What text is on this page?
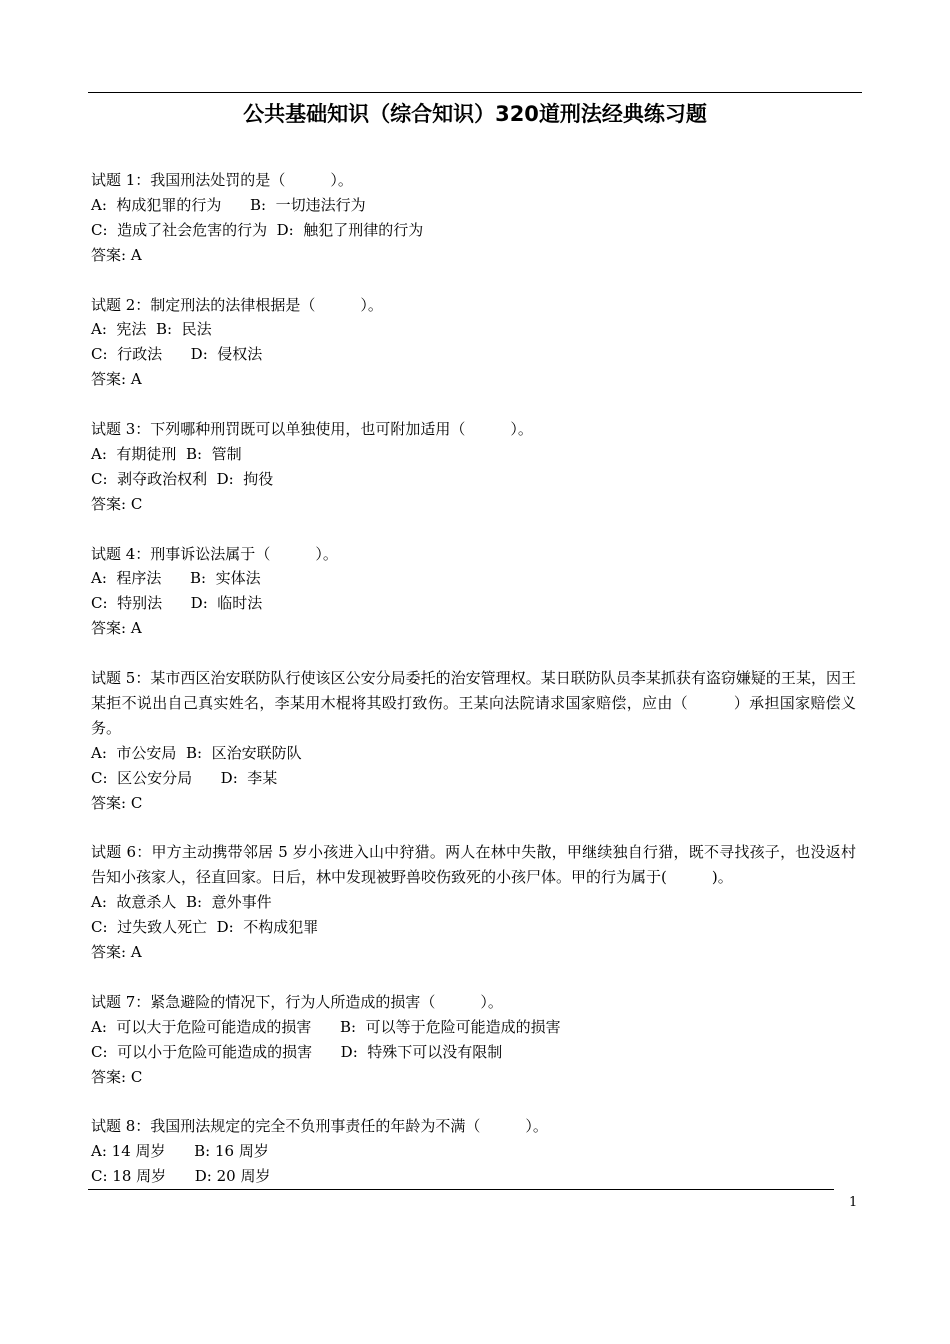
公共基础知识（综合知识）320道刑法经典练习题

试题 1：我国刑法处罚的是（　　　）。

A:  构成犯罪的行为      B:  一切违法行为

C:  造成了社会危害的行为  D:  触犯了刑律的行为

答案: A

试题 2：制定刑法的法律根据是（　　　）。

A:  宪法  B:  民法

C:  行政法      D:  侵权法

答案: A

试题 3：下列哪种刑罚既可以单独使用，也可附加适用（　　　）。

A:  有期徒刑  B:  管制

C:  剥夺政治权利  D:  拘役

答案: C

试题 4：刑事诉讼法属于（　　　）。

A:  程序法      B:  实体法

C:  特别法      D:  临时法

答案: A

试题 5：某市西区治安联防队行使该区公安分局委托的治安管理权。某日联防队员李某抓获有盗窃嫌疑的王某，因王某拒不说出自己真实姓名，李某用木棍将其殴打致伤。王某向法院请求国家赔偿，应由（　　　）承担国家赔偿义务。

A:  市公安局  B:  区治安联防队

C:  区公安分局      D:  李某

答案: C

试题 6：甲方主动携带邻居 5 岁小孩进入山中狩猎。两人在林中失散，甲继续独自行猎，既不寻找孩子，也没返村告知小孩家人，径直回家。日后，林中发现被野兽咬伤致死的小孩尸体。甲的行为属于(　　　)。

A:  故意杀人  B:  意外事件

C:  过失致人死亡  D:  不构成犯罪

答案: A

试题 7：紧急避险的情况下，行为人所造成的损害（　　　）。

A:  可以大于危险可能造成的损害      B:  可以等于危险可能造成的损害

C:  可以小于危险可能造成的损害      D:  特殊下可以没有限制

答案: C

试题 8：我国刑法规定的完全不负刑事责任的年龄为不满（　　　）。

A: 14 周岁      B: 16 周岁

C: 18 周岁      D: 20 周岁

1
